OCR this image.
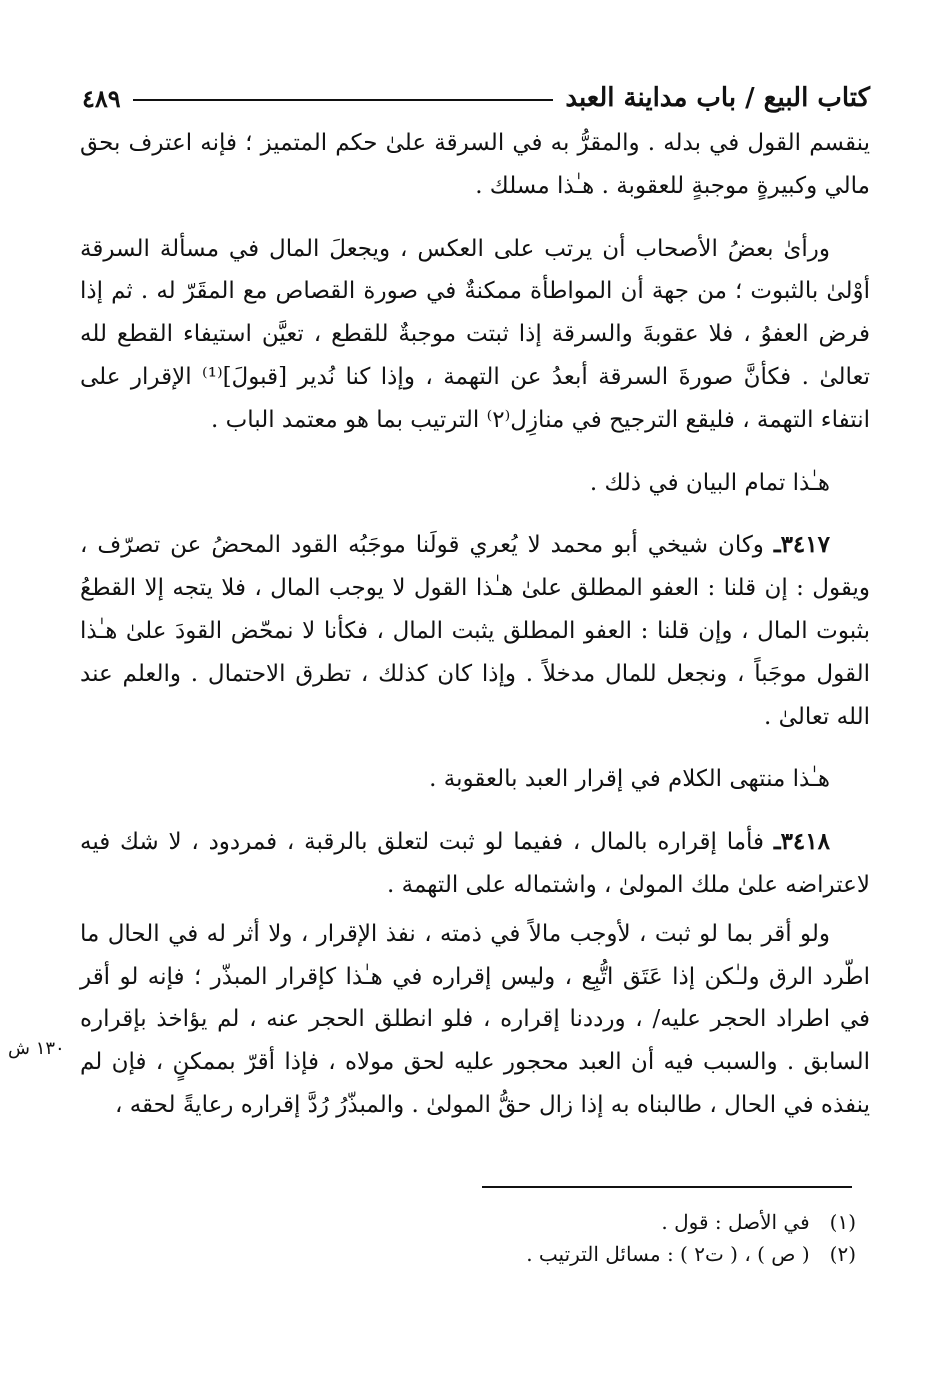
كتاب البيع / باب مداينة العبد
٤٨٩

ينقسم القول في بدله . والمقرُّ به في السرقة علىٰ حكم المتميز ؛ فإنه اعترف بحق مالي وكبيرةٍ موجبةٍ للعقوبة . هـٰذا مسلك .

ورأىٰ بعضُ الأصحاب أن يرتب على العكس ، ويجعلَ المال في مسألة السرقة أوْلىٰ بالثبوت ؛ من جهة أن المواطأة ممكنةٌ في صورة القصاص مع المقَرّ له . ثم إذا فرض العفوُ ، فلا عقوبةَ والسرقة إذا ثبتت موجبةٌ للقطع ، تعيَّن استيفاء القطع لله تعالىٰ . فكأنَّ صورةَ السرقة أبعدُ عن التهمة ، وإذا كنا نُدير [قبولَ]⁽¹⁾ الإقرار على انتفاء التهمة ، فليقع الترجيح في منازِل⁽٢⁾ الترتيب بما هو معتمد الباب .

هـٰذا تمام البيان في ذلك .

٣٤١٧ـ وكان شيخي أبو محمد لا يُعري قولَنا موجَبُه القود المحضُ عن تصرّف ، ويقول : إن قلنا : العفو المطلق علىٰ هـٰذا القول لا يوجب المال ، فلا يتجه إلا القطعُ بثبوت المال ، وإن قلنا : العفو المطلق يثبت المال ، فكأنا لا نمحّض القودَ علىٰ هـٰذا القول موجَباً ، ونجعل للمال مدخلاً . وإذا كان كذلك ، تطرق الاحتمال . والعلم عند الله تعالىٰ .

هـٰذا منتهى الكلام في إقرار العبد بالعقوبة .

٣٤١٨ـ فأما إقراره بالمال ، ففيما لو ثبت لتعلق بالرقبة ، فمردود ، لا شك فيه لاعتراضه علىٰ ملك المولىٰ ، واشتماله على التهمة .

ولو أقر بما لو ثبت ، لأوجب مالاً في ذمته ، نفذ الإقرار ، ولا أثر له في الحال ما اطّرد الرق ولـٰكن إذا عَتَق اتُّبِع ، وليس إقراره في هـٰذا كإقرار المبذّر ؛ فإنه لو أقر في اطراد الحجر عليه/ ، ورددنا إقراره ، فلو انطلق الحجر عنه ، لم يؤاخذ بإقراره السابق . والسبب فيه أن العبد محجور عليه لحق مولاه ، فإذا أقرّ بممكنٍ ، فإن لم ينفذه في الحال ، طالبناه به إذا زال حقُّ المولىٰ . والمبذّرُ رُدَّ إقراره رعايةً لحقه ،

١٣٠ ش
(١) في الأصل : قول .
(٢) ( ص ) ، ( ت٢ ) : مسائل الترتيب .
